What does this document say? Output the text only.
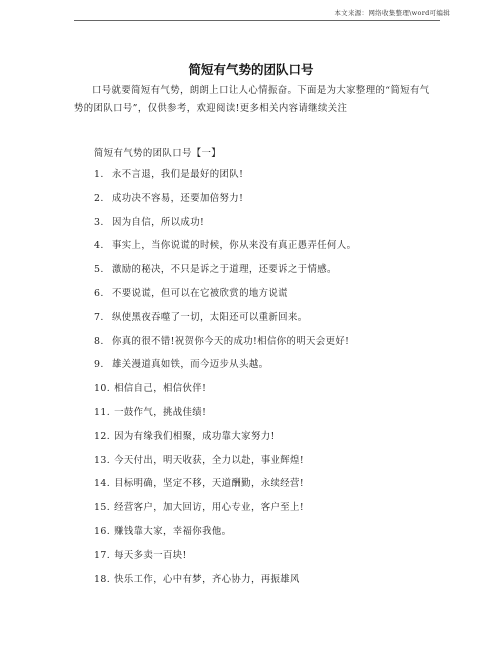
本文来源：网络收集整理\word可编辑
简短有气势的团队口号

口号就要简短有气势，朗朗上口让人心情振奋。下面是为大家整理的“简短有气势的团队口号”，仅供参考，欢迎阅读!更多相关内容请继续关注

简短有气势的团队口号【一】
1. 永不言退，我们是最好的团队!
2. 成功决不容易，还要加倍努力!
3. 因为自信，所以成功!
4. 事实上，当你说谎的时候，你从来没有真正愚弄任何人。
5. 激励的秘决，不只是诉之于道理，还要诉之于情感。
6. 不要说谎，但可以在它被欣赏的地方说谎
7. 纵使黑夜吞噬了一切，太阳还可以重新回来。
8. 你真的很不错!祝贺你今天的成功!相信你的明天会更好!
9. 雄关漫道真如铁，而今迈步从头越。
10. 相信自己，相信伙伴!
11. 一鼓作气，挑战佳绩!
12. 因为有缘我们相聚，成功靠大家努力!
13. 今天付出，明天收获，全力以赴，事业辉煌!
14. 目标明确，坚定不移，天道酬勤，永续经营!
15. 经营客户，加大回访，用心专业，客户至上!
16. 赚钱靠大家，幸福你我他。
17. 每天多卖一百块!
18. 快乐工作，心中有梦，齐心协力，再振雄风
